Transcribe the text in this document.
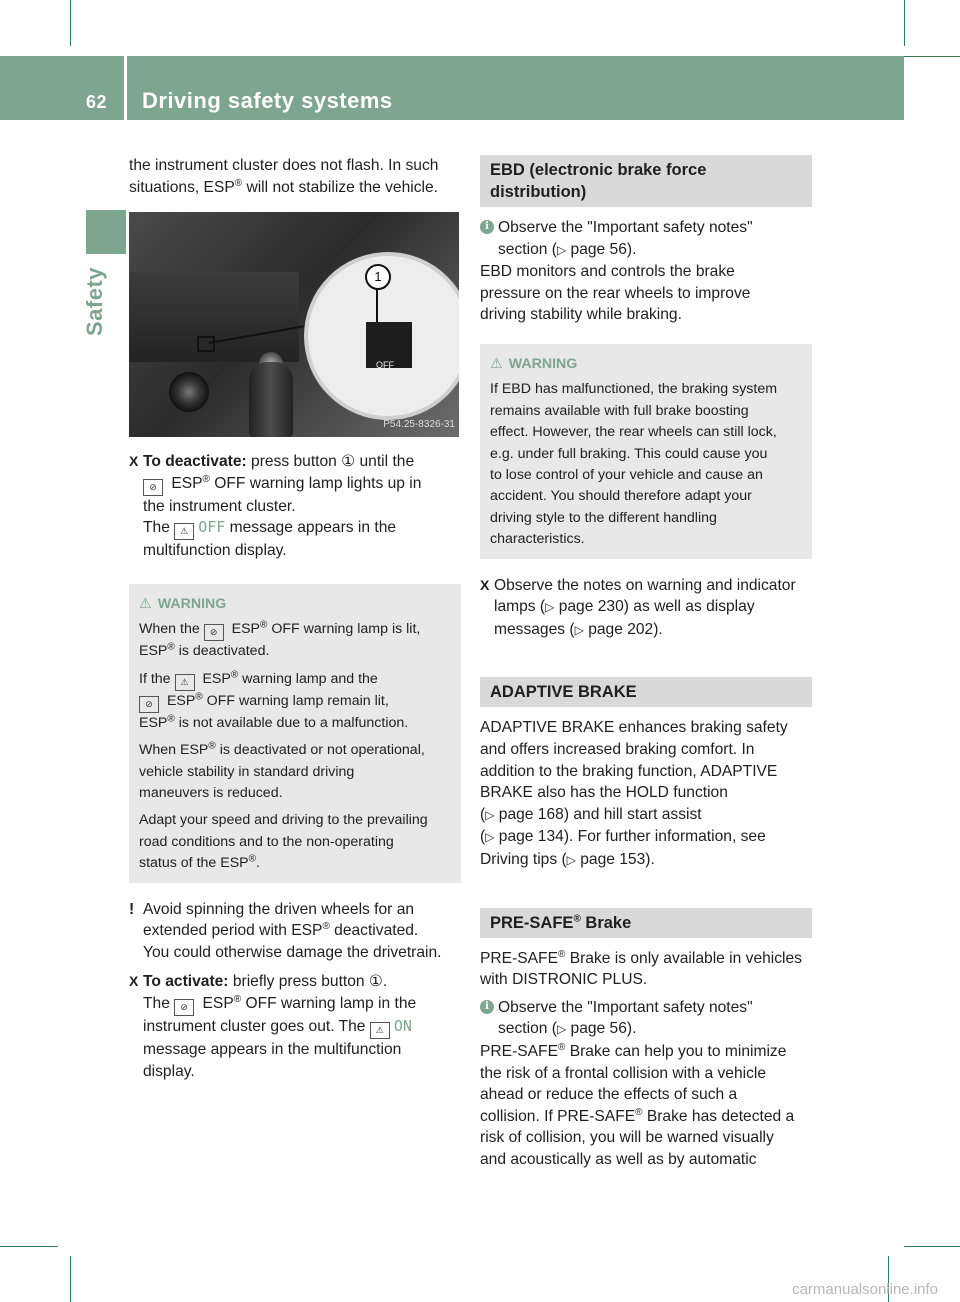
62 Driving safety systems
Safety

the instrument cluster does not flash. In such

situations, ESP® will not stabilize the vehicle.

1
OFF
P54.25-8326-31
X To deactivate: press button ① until the

⊘ ESP® OFF warning lamp lights up in

the instrument cluster.

The ⚠ OFF message appears in the

multifunction display.

⚠ WARNING

When the ⊘ ESP® OFF warning lamp is lit,
ESP® is deactivated.

If the ⚠ ESP® warning lamp and the
⊘ ESP® OFF warning lamp remain lit,
ESP® is not available due to a malfunction.

When ESP® is deactivated or not operational,
vehicle stability in standard driving
maneuvers is reduced.

Adapt your speed and driving to the prevailing
road conditions and to the non-operating
status of the ESP®.

! Avoid spinning the driven wheels for an

extended period with ESP® deactivated.

You could otherwise damage the drivetrain.

X To activate: briefly press button ①.

The ⊘ ESP® OFF warning lamp in the

instrument cluster goes out. The ⚠ ON

message appears in the multifunction

display.

EBD (electronic brake force distribution)
i Observe the "Important safety notes"

section (▷ page 56).

EBD monitors and controls the brake

pressure on the rear wheels to improve

driving stability while braking.

⚠ WARNING

If EBD has malfunctioned, the braking system

remains available with full brake boosting

effect. However, the rear wheels can still lock,

e.g. under full braking. This could cause you

to lose control of your vehicle and cause an

accident. You should therefore adapt your

driving style to the different handling

characteristics.

X Observe the notes on warning and indicator

lamps (▷ page 230) as well as display

messages (▷ page 202).

ADAPTIVE BRAKE

ADAPTIVE BRAKE enhances braking safety

and offers increased braking comfort. In

addition to the braking function, ADAPTIVE

BRAKE also has the HOLD function

(▷ page 168) and hill start assist

(▷ page 134). For further information, see

Driving tips (▷ page 153).

PRE-SAFE® Brake

PRE-SAFE® Brake is only available in vehicles

with DISTRONIC PLUS.

i Observe the "Important safety notes"

section (▷ page 56).

PRE-SAFE® Brake can help you to minimize

the risk of a frontal collision with a vehicle

ahead or reduce the effects of such a

collision. If PRE-SAFE® Brake has detected a

risk of collision, you will be warned visually

and acoustically as well as by automatic

carmanualsonline.info
